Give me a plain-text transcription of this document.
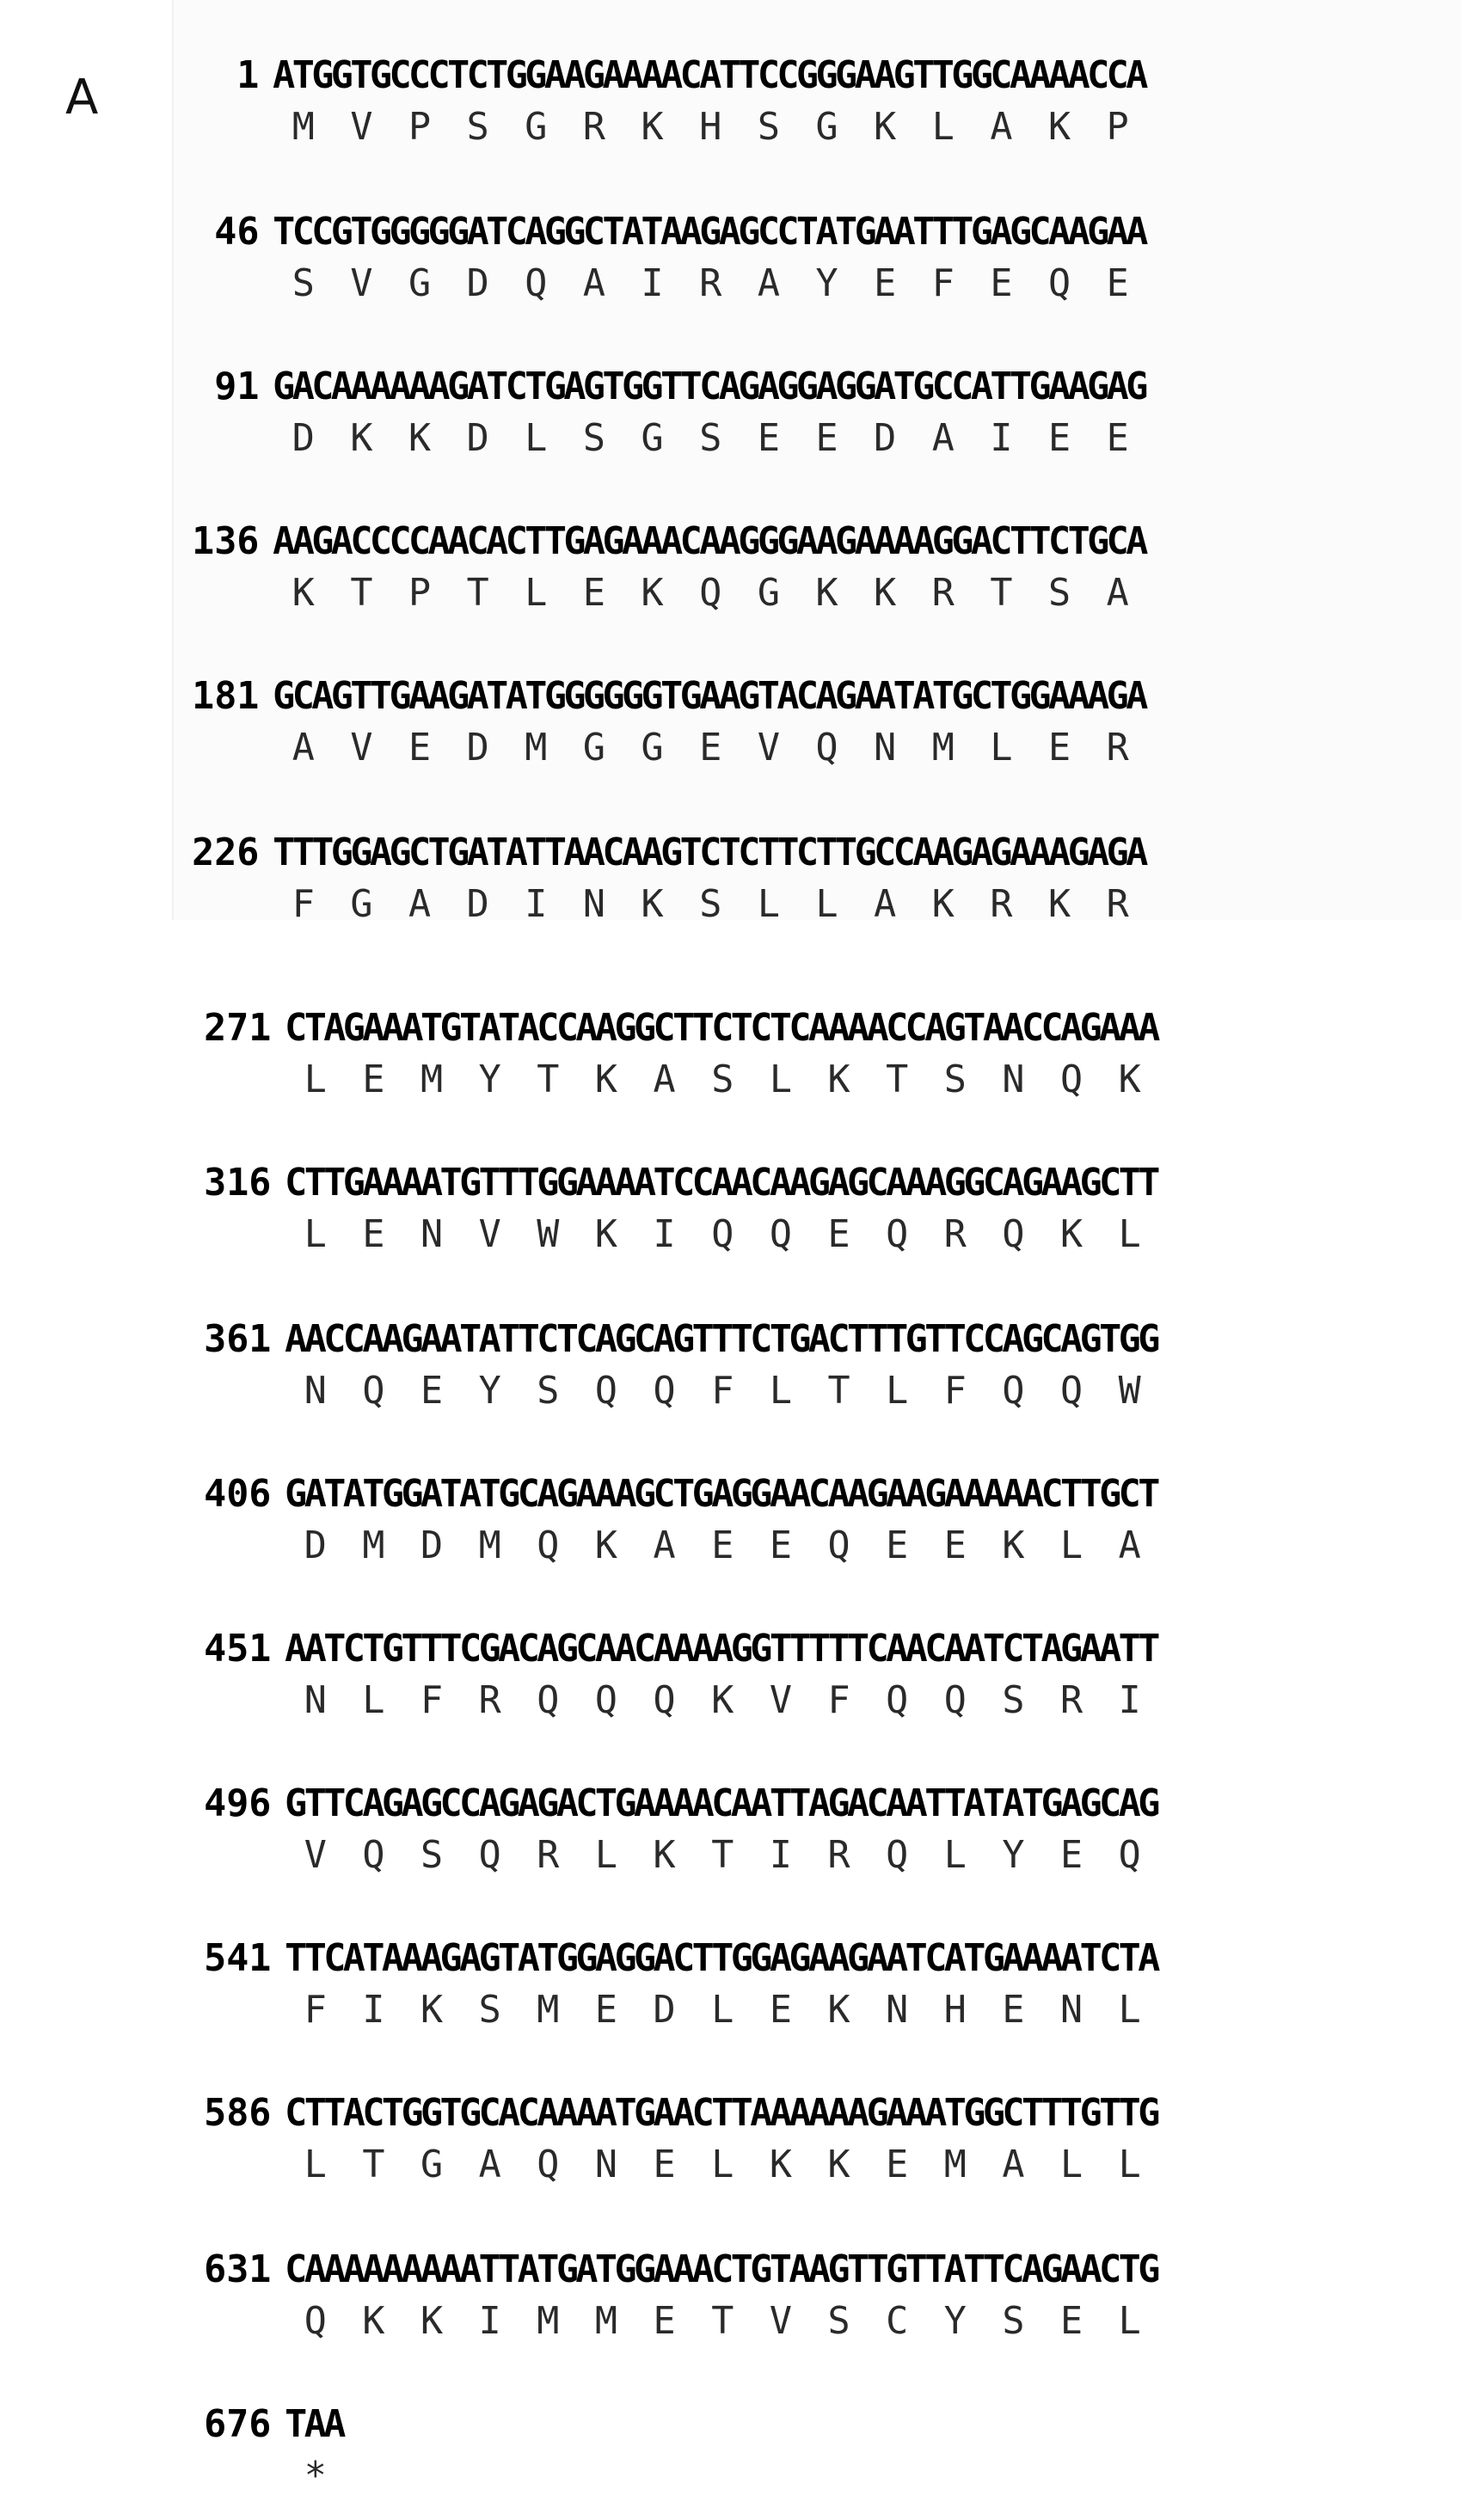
A	1 ATGGTGCCCTCTGGAAGAAAACATTCCGGGAAGTTGGCAAAACCA
M  V  P  S  G  R  K  H  S  G  K  L  A  K  P
46 TCCGTGGGGGATCAGGCTATAAGAGCCTATGAATTTGAGCAAGAA
S  V  G  D  Q  A  I  R  A  Y  E  F  E  Q  E
91 GACAAAAAAGATCTGAGTGGTTCAGAGGAGGATGCCATTGAAGAG
D  K  K  D  L  S  G  S  E  E  D  A  I  E  E
136 AAGACCCCAACACTTGAGAAACAAGGGAAGAAAAGGACTTCTGCA
K  T  P  T  L  E  K  Q  G  K  K  R  T  S  A
181 GCAGTTGAAGATATGGGGGGTGAAGTACAGAATATGCTGGAAAGA
A  V  E  D  M  G  G  E  V  Q  N  M  L  E  R
226 TTTGGAGCTGATATTAACAAGTCTCTTCTTGCCAAGAGAAAGAGA
F  G  A  D  I  N  K  S  L  L  A  K  R  K  R
271 CTAGAAATGTATACCAAGGCTTCTCTCAAAACCAGTAACCAGAAA
L  E  M  Y  T  K  A  S  L  K  T  S  N  Q  K
316 CTTGAAAATGTTTGGAAAATCCAACAAGAGCAAAGGCAGAAGCTT
L  E  N  V  W  K  I  Q  Q  E  Q  R  Q  K  L
361 AACCAAGAATATTCTCAGCAGTTTCTGACTTTGTTCCAGCAGTGG
N  Q  E  Y  S  Q  Q  F  L  T  L  F  Q  Q  W
406 GATATGGATATGCAGAAAGCTGAGGAACAAGAAGAAAAACTTGCT
D  M  D  M  Q  K  A  E  E  Q  E  E  K  L  A
451 AATCTGTTTCGACAGCAACAAAAGGTTTTTCAACAATCTAGAATT
N  L  F  R  Q  Q  Q  K  V  F  Q  Q  S  R  I
496 GTTCAGAGCCAGAGACTGAAAACAATTAGACAATTATATGAGCAG
V  Q  S  Q  R  L  K  T  I  R  Q  L  Y  E  Q
541 TTCATAAAGAGTATGGAGGACTTGGAGAAGAATCATGAAAATCTA
F  I  K  S  M  E  D  L  E  K  N  H  E  N  L
586 CTTACTGGTGCACAAAATGAACTTAAAAAAGAAATGGCTTTGTTG
L  T  G  A  Q  N  E  L  K  K  E  M  A  L  L
631 CAAAAAAAAATTATGATGGAAACTGTAAGTTGTTATTCAGAACTG
Q  K  K  I  M  M  E  T  V  S  C  Y  S  E  L
676 TAA
*
